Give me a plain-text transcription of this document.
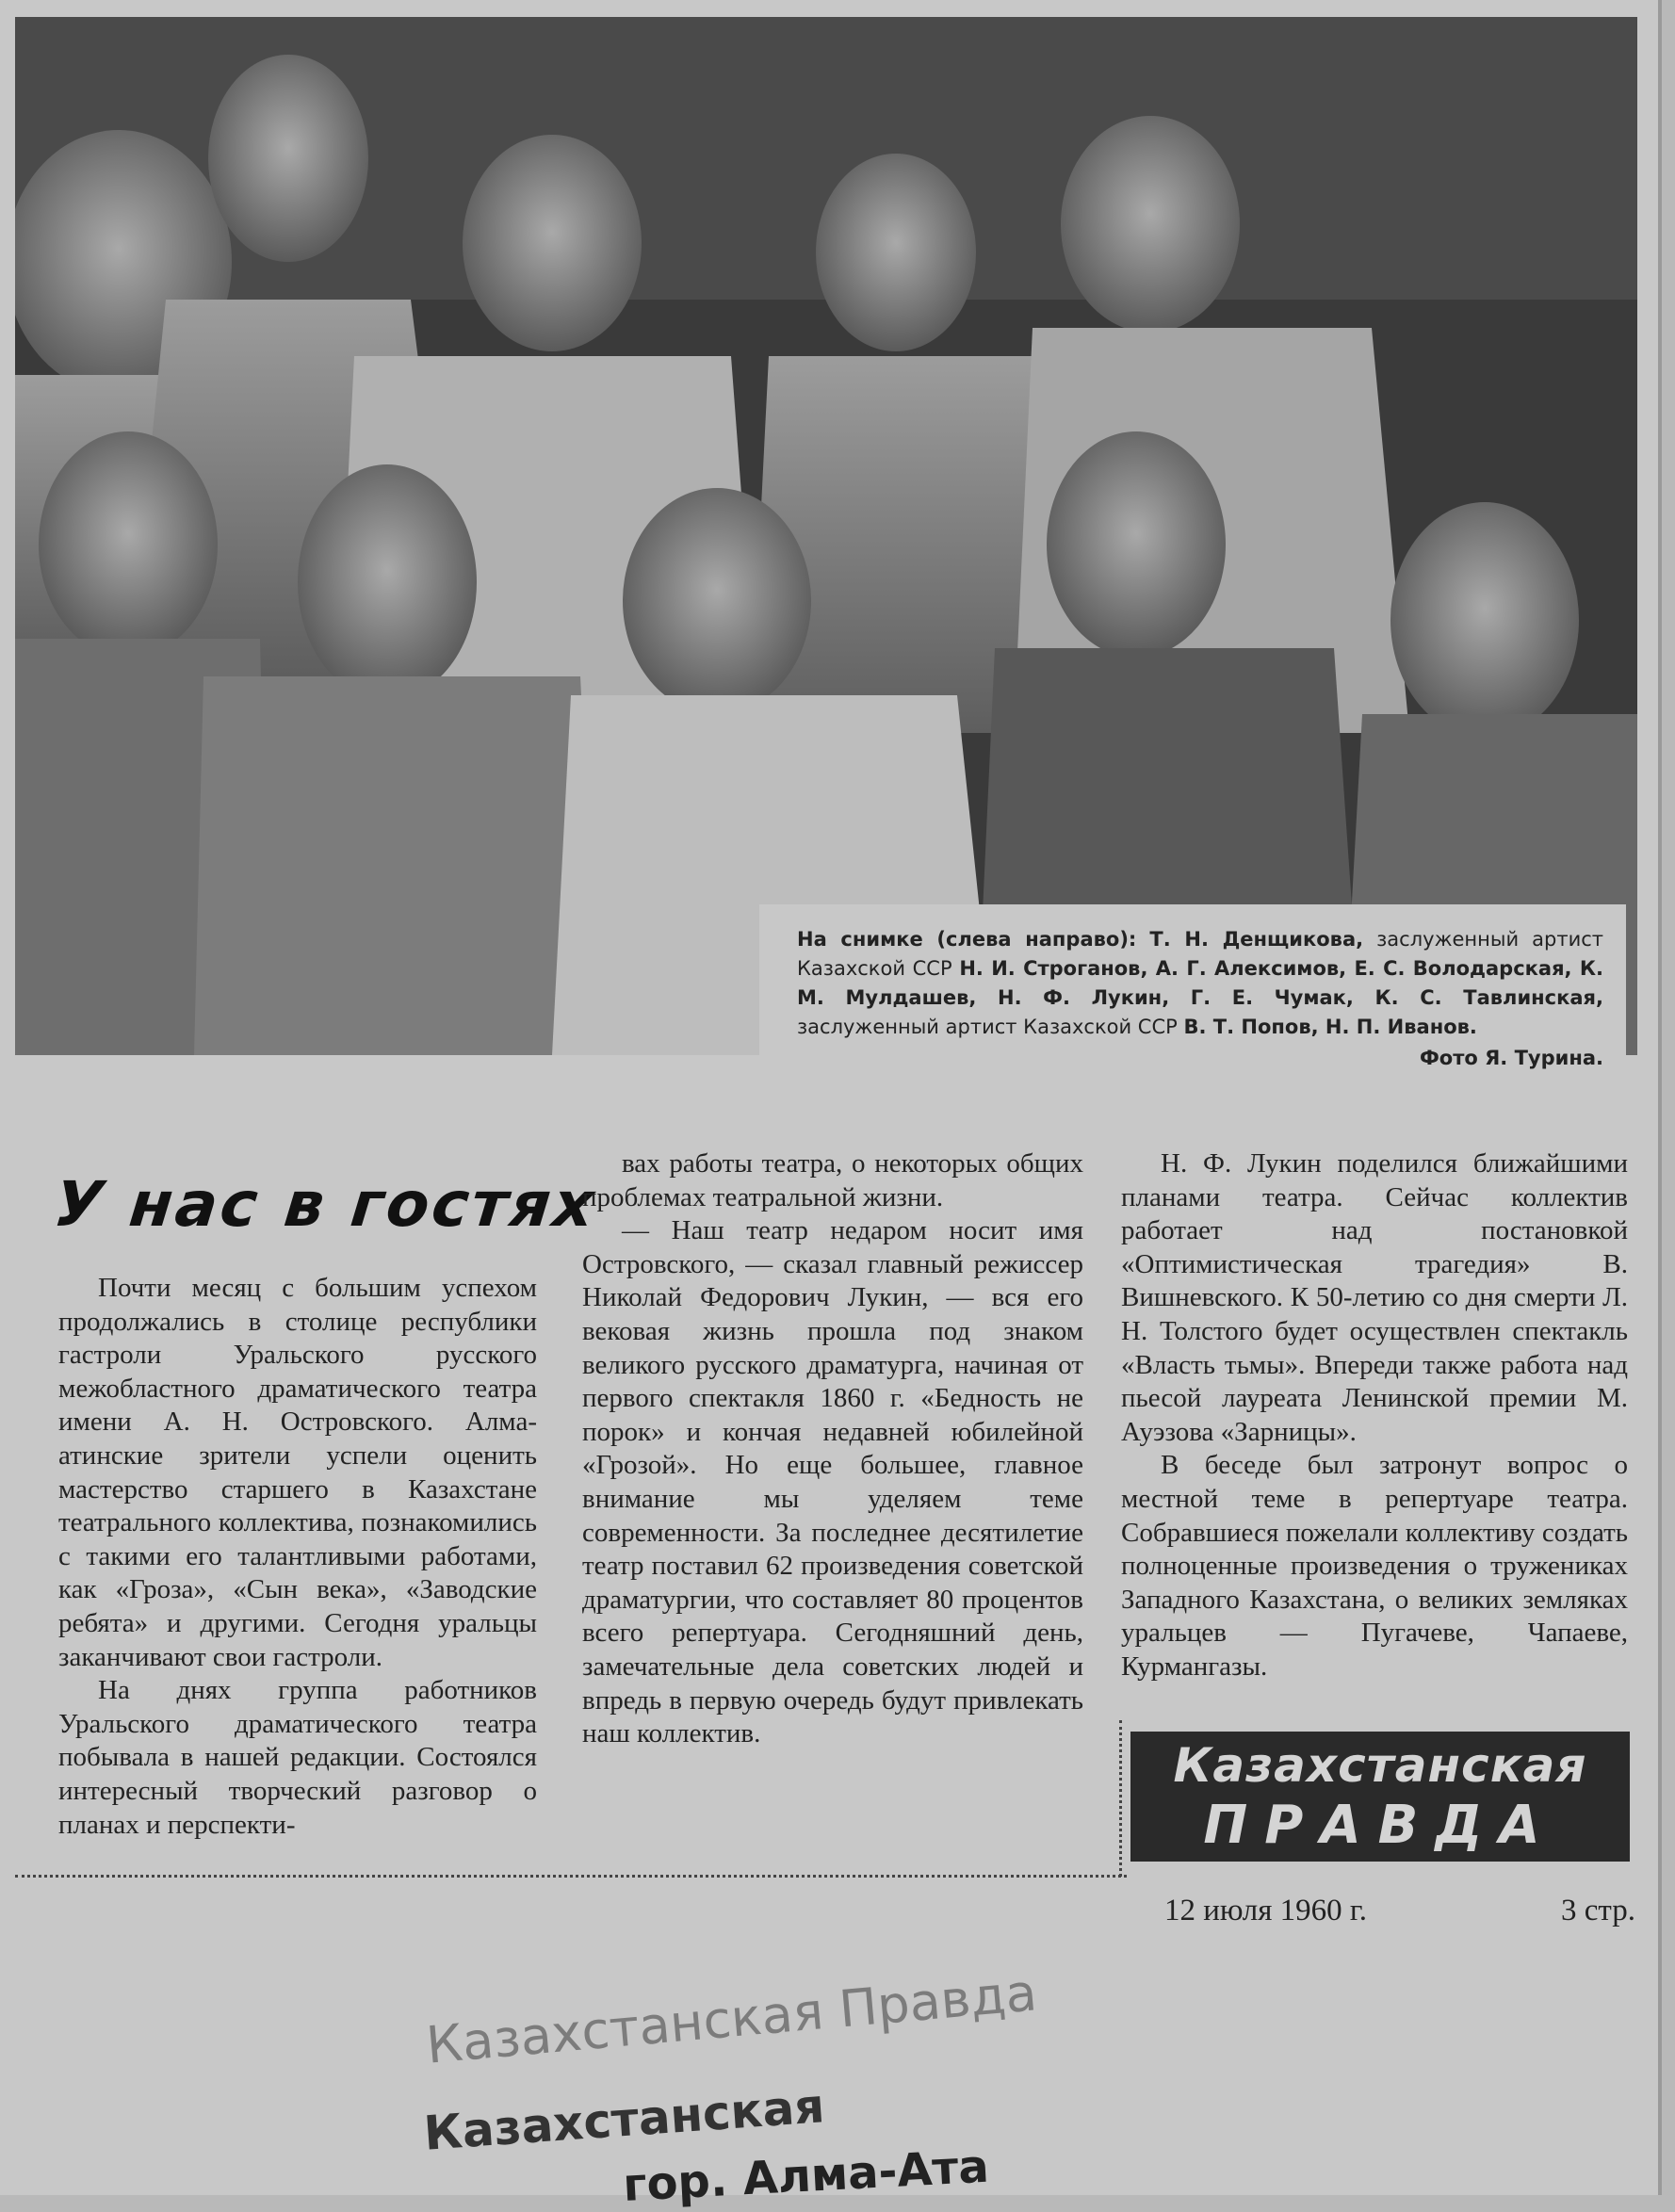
На снимке (слева направо): Т. Н. Денщикова, заслуженный артист Казахской ССР Н. И. Строганов, А. Г. Алексимов, Е. С. Володарская, К. М. Мулдашев, Н. Ф. Лукин, Г. Е. Чумак, К. С. Тавлинская, заслуженный артист Казахской ССР В. Т. Попов, Н. П. Иванов.
Фото Я. Турина.
У нас в гостях

Почти месяц с большим успехом продолжались в столице республики гастроли Уральского русского межобластного драматического театра имени А. Н. Островского. Алма-атинские зрители успели оценить мастерство старшего в Казахстане театрального коллектива, познакомились с такими его талантливыми работами, как «Гроза», «Сын века», «Заводские ребята» и другими. Сегодня уральцы заканчивают свои гастроли.

На днях группа работников Уральского драматического театра побывала в нашей редакции. Состоялся интересный творческий разговор о планах и перспекти-

вах работы театра, о некоторых общих проблемах театральной жизни.

— Наш театр недаром носит имя Островского, — сказал главный режиссер Николай Федорович Лукин, — вся его вековая жизнь прошла под знаком великого русского драматурга, начиная от первого спектакля 1860 г. «Бедность не порок» и кончая недавней юбилейной «Грозой». Но еще большее, главное внимание мы уделяем теме современности. За последнее десятилетие театр поставил 62 произведения советской драматургии, что составляет 80 процентов всего репертуара. Сегодняшний день, замечательные дела советских людей и впредь в первую очередь будут привлекать наш коллектив.

Н. Ф. Лукин поделился ближайшими планами театра. Сейчас коллектив работает над постановкой «Оптимистическая трагедия» В. Вишневского. К 50-летию со дня смерти Л. Н. Толстого будет осуществлен спектакль «Власть тьмы». Впереди также работа над пьесой лауреата Ленинской премии М. Ауэзова «Зарницы».

В беседе был затронут вопрос о местной теме в репертуаре театра. Собравшиеся пожелали коллективу создать полноценные произведения о тружениках Западного Казахстана, о великих земляках уральцев — Пугачеве, Чапаеве, Курмангазы.

Казахстанская
ПРАВДА
12 июля 1960 г.	3 стр.
Казахстанская Правда
Казахстанская
гор. Алма-Ата
